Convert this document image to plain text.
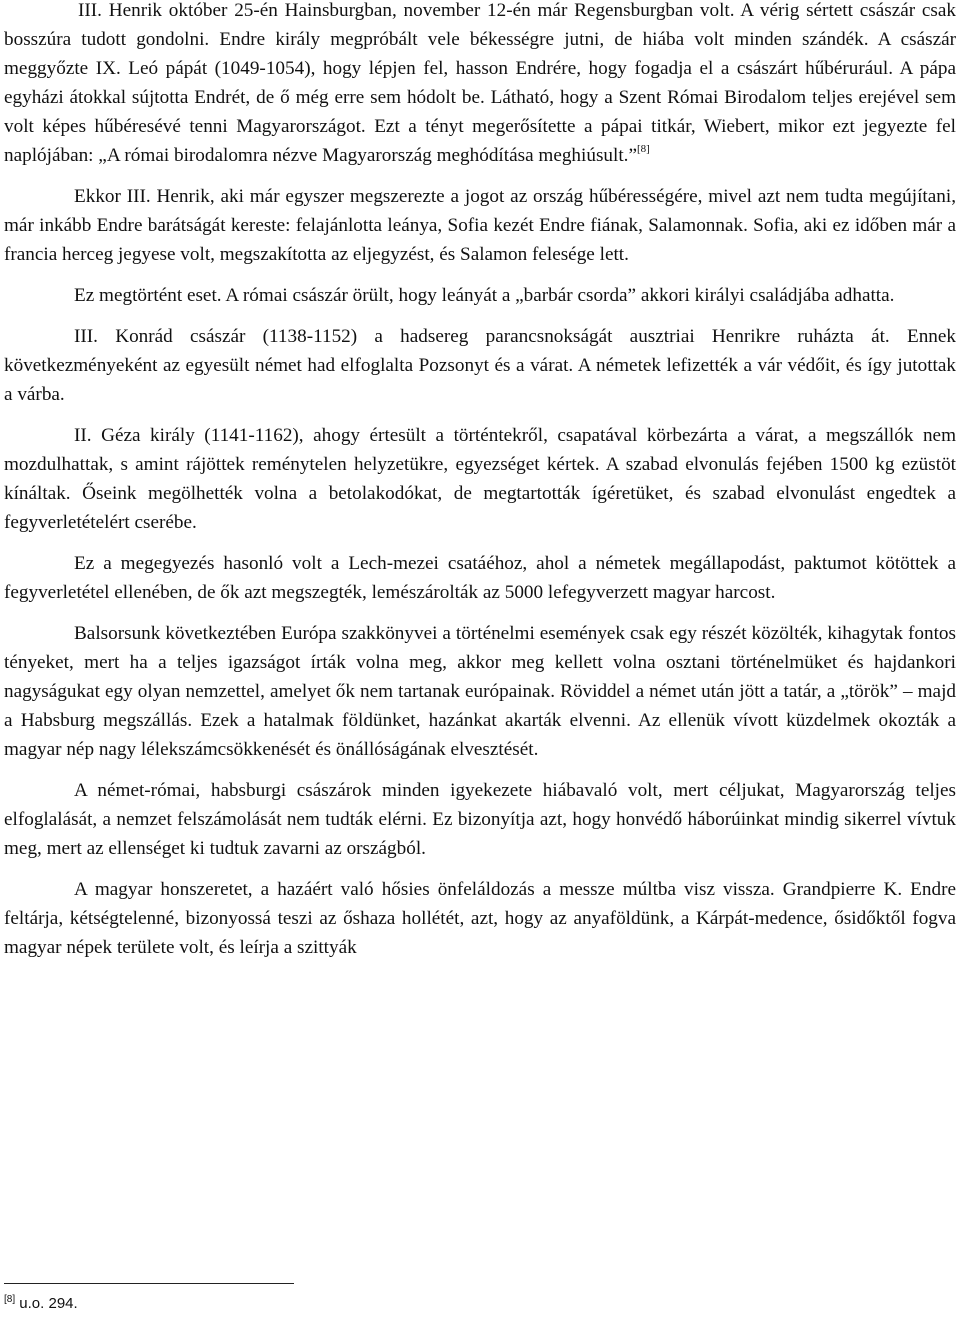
III. Henrik október 25-én Hainsburgban, november 12-én már Regensburgban volt. A vérig sértett császár csak bosszúra tudott gondolni. Endre király megpróbált vele békességre jutni, de hiába volt minden szándék. A császár meggyőzte IX. Leó pápát (1049-1054), hogy lépjen fel, hasson Endrére, hogy fogadja el a császárt hűbérurául. A pápa egyházi átokkal sújtotta Endrét, de ő még erre sem hódolt be. Látható, hogy a Szent Római Birodalom teljes erejével sem volt képes hűbéresévé tenni Magyarországot. Ezt a tényt megerősítette a pápai titkár, Wiebert, mikor ezt jegyezte fel naplójában: „A római birodalomra nézve Magyarország meghódítása meghiúsult.”[8]

Ekkor III. Henrik, aki már egyszer megszerezte a jogot az ország hűbérességére, mivel azt nem tudta megújítani, már inkább Endre barátságát kereste: felajánlotta leánya, Sofia kezét Endre fiának, Salamonnak. Sofia, aki ez időben már a francia herceg jegyese volt, megszakította az eljegyzést, és Salamon felesége lett.

Ez megtörtént eset. A római császár örült, hogy leányát a „barbár csorda” akkori királyi családjába adhatta.

III. Konrád császár (1138-1152) a hadsereg parancsnokságát ausztriai Henrikre ruházta át. Ennek következményeként az egyesült német had elfoglalta Pozsonyt és a várat. A németek lefizették a vár védőit, és így jutottak a várba.

II. Géza király (1141-1162), ahogy értesült a történtekről, csapatával körbezárta a várat, a megszállók nem mozdulhattak, s amint rájöttek reménytelen helyzetükre, egyezséget kértek. A szabad elvonulás fejében 1500 kg ezüstöt kínáltak. Őseink megölhették volna a betolakodókat, de megtartották ígéretüket, és szabad elvonulást engedtek a fegyverletételért cserébe.

Ez a megegyezés hasonló volt a Lech-mezei csatáéhoz, ahol a németek megállapodást, paktumot kötöttek a fegyverletétel ellenében, de ők azt megszegték, lemészárolták az 5000 lefegyverzett magyar harcost.

Balsorsunk következtében Európa szakkönyvei a történelmi események csak egy részét közölték, kihagytak fontos tényeket, mert ha a teljes igazságot írták volna meg, akkor meg kellett volna osztani történelmüket és hajdankori nagyságukat egy olyan nemzettel, amelyet ők nem tartanak európainak. Röviddel a német után jött a tatár, a „török” – majd a Habsburg megszállás. Ezek a hatalmak földünket, hazánkat akarták elvenni. Az ellenük vívott küzdelmek okozták a magyar nép nagy lélekszámcsökkenését és önállóságának elvesztését.

A német-római, habsburgi császárok minden igyekezete hiábavaló volt, mert céljukat, Magyarország teljes elfoglalását, a nemzet felszámolását nem tudták elérni. Ez bizonyítja azt, hogy honvédő háborúinkat mindig sikerrel vívtuk meg, mert az ellenséget ki tudtuk zavarni az országból.

A magyar honszeretet, a hazáért való hősies önfeláldozás a messze múltba visz vissza. Grandpierre K. Endre feltárja, kétségtelenné, bizonyossá teszi az őshaza hollétét, azt, hogy az anyaföldünk, a Kárpát-medence, ősidőktől fogva magyar népek területe volt, és leírja a szittyák

[8] u.o. 294.
